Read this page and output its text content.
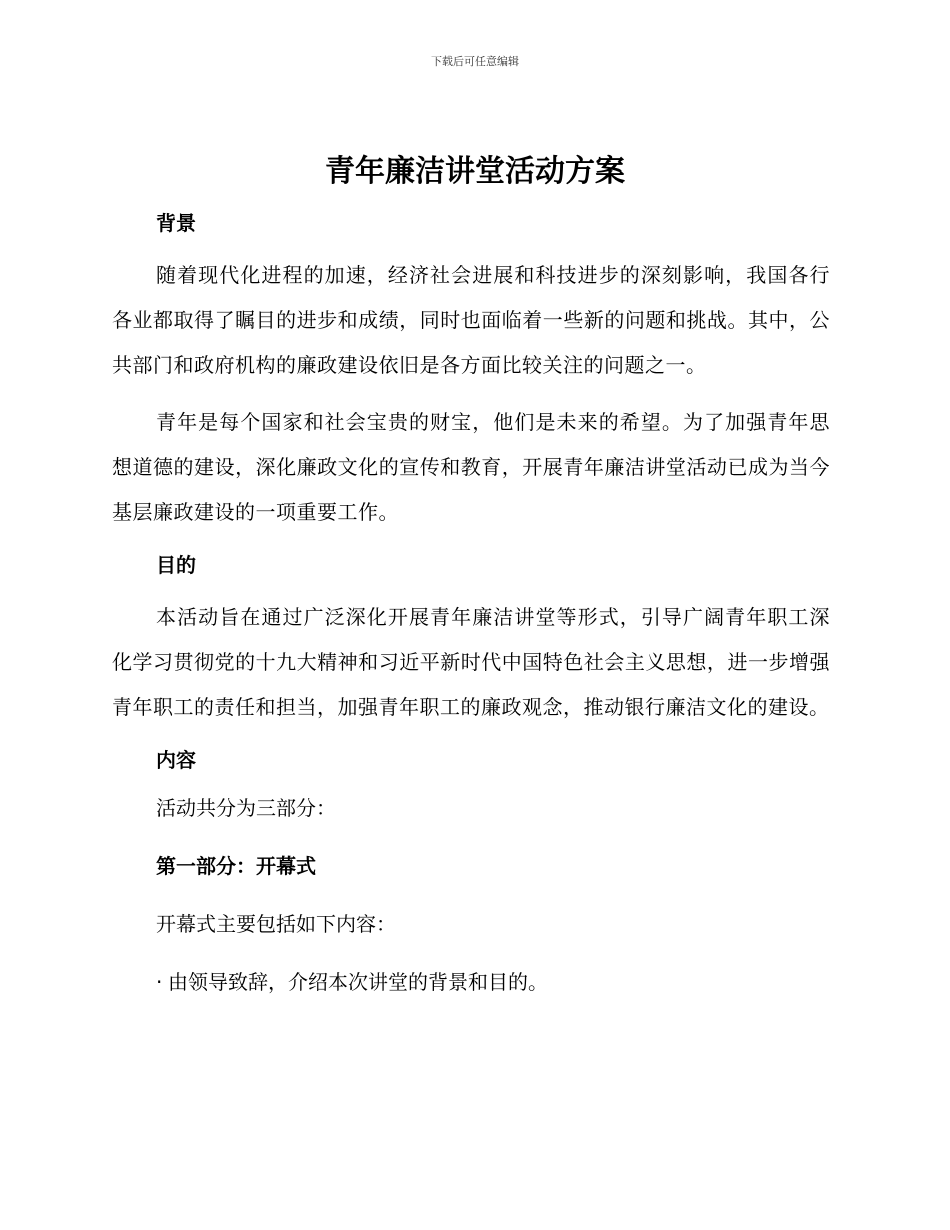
下载后可任意编辑
青年廉洁讲堂活动方案
背景

随着现代化进程的加速，经济社会进展和科技进步的深刻影响，我国各行各业都取得了瞩目的进步和成绩，同时也面临着一些新的问题和挑战。其中，公共部门和政府机构的廉政建设依旧是各方面比较关注的问题之一。

青年是每个国家和社会宝贵的财宝，他们是未来的希望。为了加强青年思想道德的建设，深化廉政文化的宣传和教育，开展青年廉洁讲堂活动已成为当今基层廉政建设的一项重要工作。

目的

本活动旨在通过广泛深化开展青年廉洁讲堂等形式，引导广阔青年职工深化学习贯彻党的十九大精神和习近平新时代中国特色社会主义思想，进一步增强青年职工的责任和担当，加强青年职工的廉政观念，推动银行廉洁文化的建设。

内容
活动共分为三部分：
第一部分：开幕式
开幕式主要包括如下内容：
· 由领导致辞，介绍本次讲堂的背景和目的。
